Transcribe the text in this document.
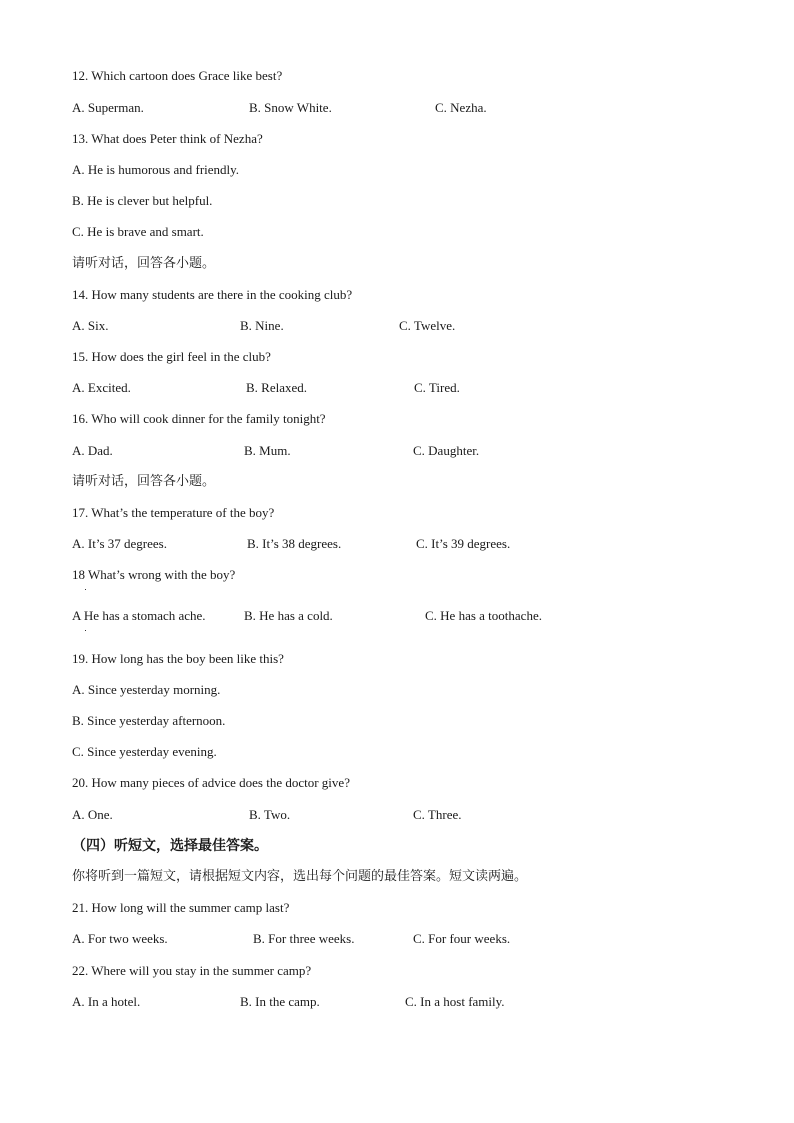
12. Which cartoon does Grace like best?
A. Superman.	B. Snow White.	C. Nezha.
13. What does Peter think of Nezha?
A. He is humorous and friendly.
B. He is clever but helpful.
C. He is brave and smart.
请听对话，回答各小题。
14. How many students are there in the cooking club?
A. Six.	B. Nine.	C. Twelve.
15. How does the girl feel in the club?
A. Excited.	B. Relaxed.	C. Tired.
16. Who will cook dinner for the family tonight?
A. Dad.	B. Mum.	C. Daughter.
请听对话，回答各小题。
17. What’s the temperature of the boy?
A. It’s 37 degrees.	B. It’s 38 degrees.	C. It’s 39 degrees.
18 What’s wrong with the boy?
A He has a stomach ache.	B. He has a cold.	C. He has a toothache.
19. How long has the boy been like this?
A. Since yesterday morning.
B. Since yesterday afternoon.
C. Since yesterday evening.
20. How many pieces of advice does the doctor give?
A. One.	B. Two.	C. Three.
（四）听短文，选择最佳答案。
你将听到一篇短文，请根据短文内容，选出每个问题的最佳答案。短文读两遍。
21. How long will the summer camp last?
A. For two weeks.	B. For three weeks.	C. For four weeks.
22. Where will you stay in the summer camp?
A. In a hotel.	B. In the camp.	C. In a host family.
